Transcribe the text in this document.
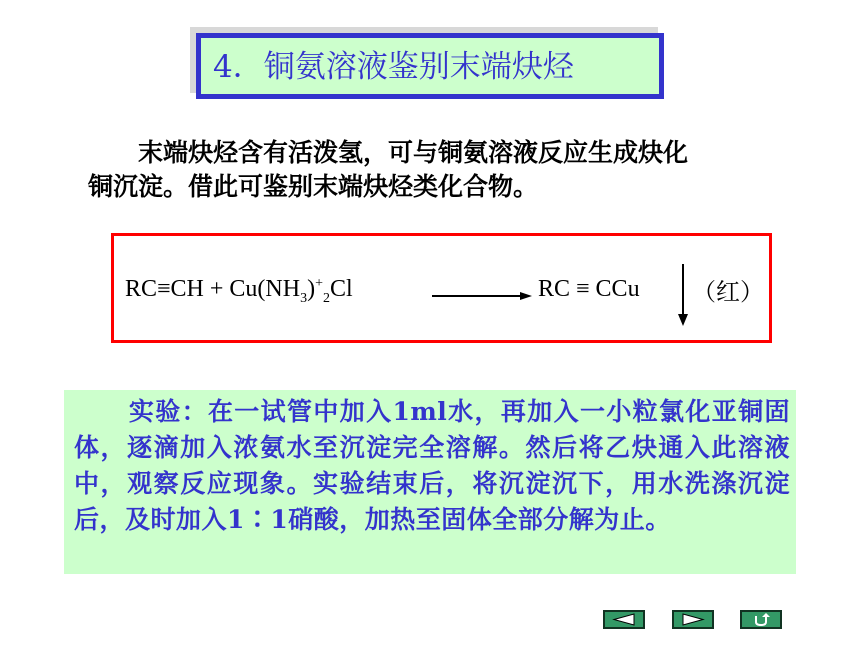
4．铜氨溶液鉴别末端炔烃
末端炔烃含有活泼氢，可与铜氨溶液反应生成炔化
铜沉淀。借此可鉴别末端炔烃类化合物。
$RC\equiv CH + Cu(NH_3)^+_2Cl$	RC ≡ CCu （红）
实验：在一试管中加入1ml水，再加入一小粒氯化亚铜固体，逐滴加入浓氨水至沉淀完全溶解。然后将乙炔通入此溶液中，观察反应现象。实验结束后，将沉淀沉下，用水洗涤沉淀后，及时加入1∶1硝酸，加热至固体全部分解为止。
